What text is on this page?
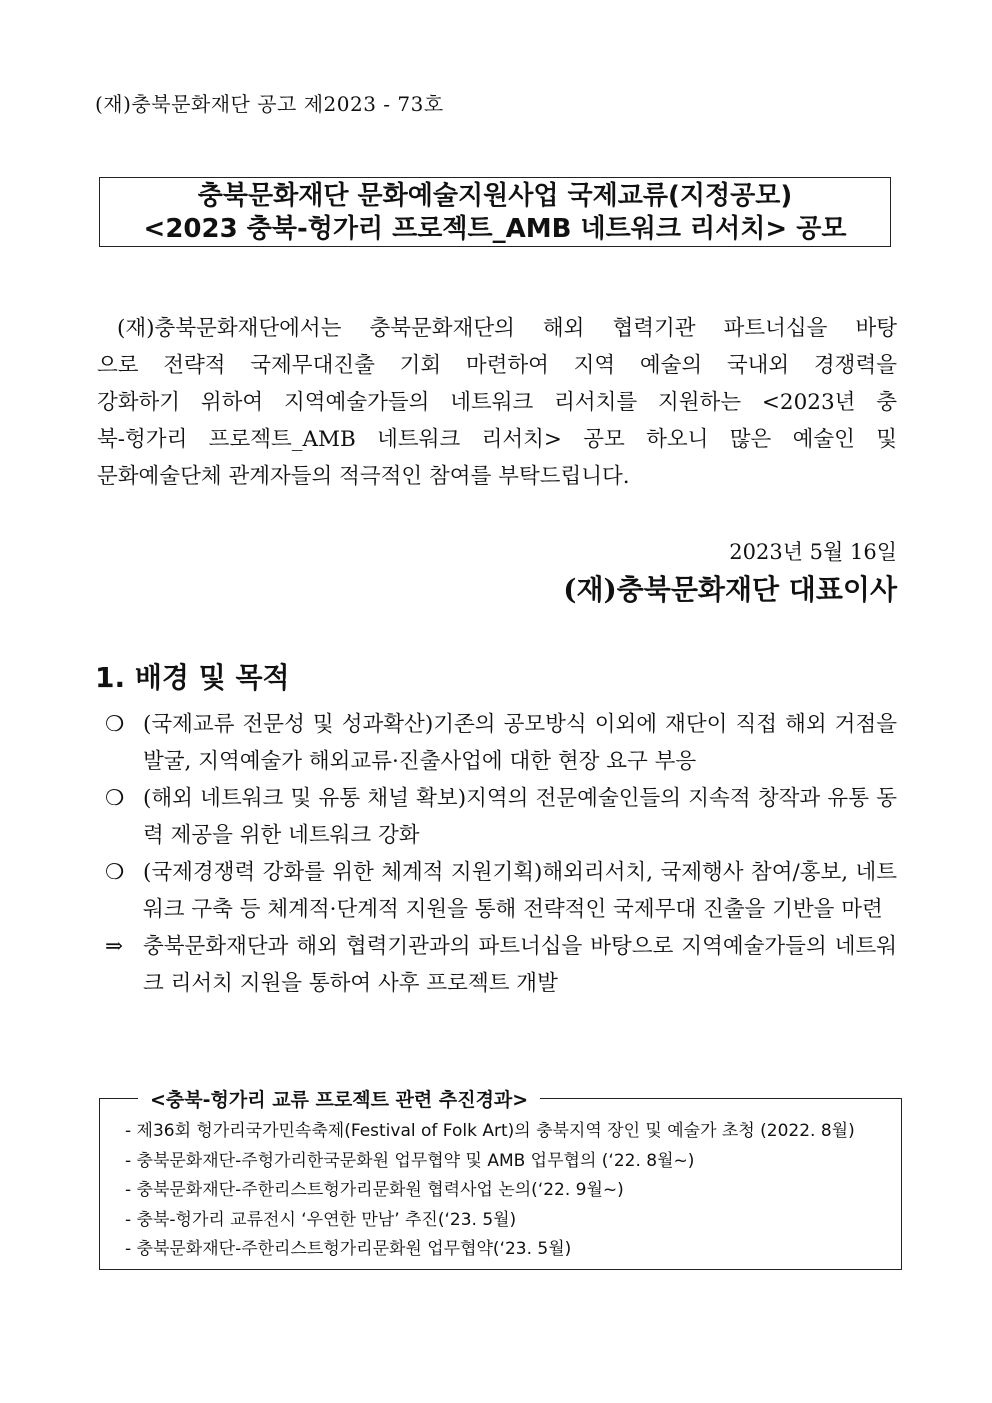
(재)충북문화재단 공고 제2023 - 73호
충북문화재단 문화예술지원사업 국제교류(지정공모)
<2023 충북-헝가리 프로젝트_AMB 네트워크 리서치> 공모
(재)충북문화재단에서는 충북문화재단의 해외 협력기관 파트너십을 바탕
으로 전략적 국제무대진출 기회 마련하여 지역 예술의 국내외 경쟁력을
강화하기 위하여 지역예술가들의 네트워크 리서치를 지원하는 <2023년 충
북-헝가리 프로젝트_AMB 네트워크 리서치> 공모 하오니 많은 예술인 및
문화예술단체 관계자들의 적극적인 참여를 부탁드립니다.
2023년 5월 16일
(재)충북문화재단 대표이사
1. 배경 및 목적
❍ (국제교류 전문성 및 성과확산)기존의 공모방식 이외에 재단이 직접 해외 거점을 발굴, 지역예술가 해외교류·진출사업에 대한 현장 요구 부응
❍ (해외 네트워크 및 유통 채널 확보)지역의 전문예술인들의 지속적 창작과 유통 동력 제공을 위한 네트워크 강화
❍ (국제경쟁력 강화를 위한 체계적 지원기획)해외리서치, 국제행사 참여/홍보, 네트워크 구축 등 체계적·단계적 지원을 통해 전략적인 국제무대 진출을 기반을 마련
⇒ 충북문화재단과 해외 협력기관과의 파트너십을 바탕으로 지역예술가들의 네트워크 리서치 지원을 통하여 사후 프로젝트 개발
<충북-헝가리 교류 프로젝트 관련 추진경과>
- 제36회 헝가리국가민속축제(Festival of Folk Art)의 충북지역 장인 및 예술가 초청 (2022. 8월)
- 충북문화재단-주헝가리한국문화원 업무협약 및 AMB 업무협의 (‘22. 8월~)
- 충북문화재단-주한리스트헝가리문화원 협력사업 논의(‘22. 9월~)
- 충북-헝가리 교류전시 ‘우연한 만남’ 추진(‘23. 5월)
- 충북문화재단-주한리스트헝가리문화원 업무협약(‘23. 5월)
